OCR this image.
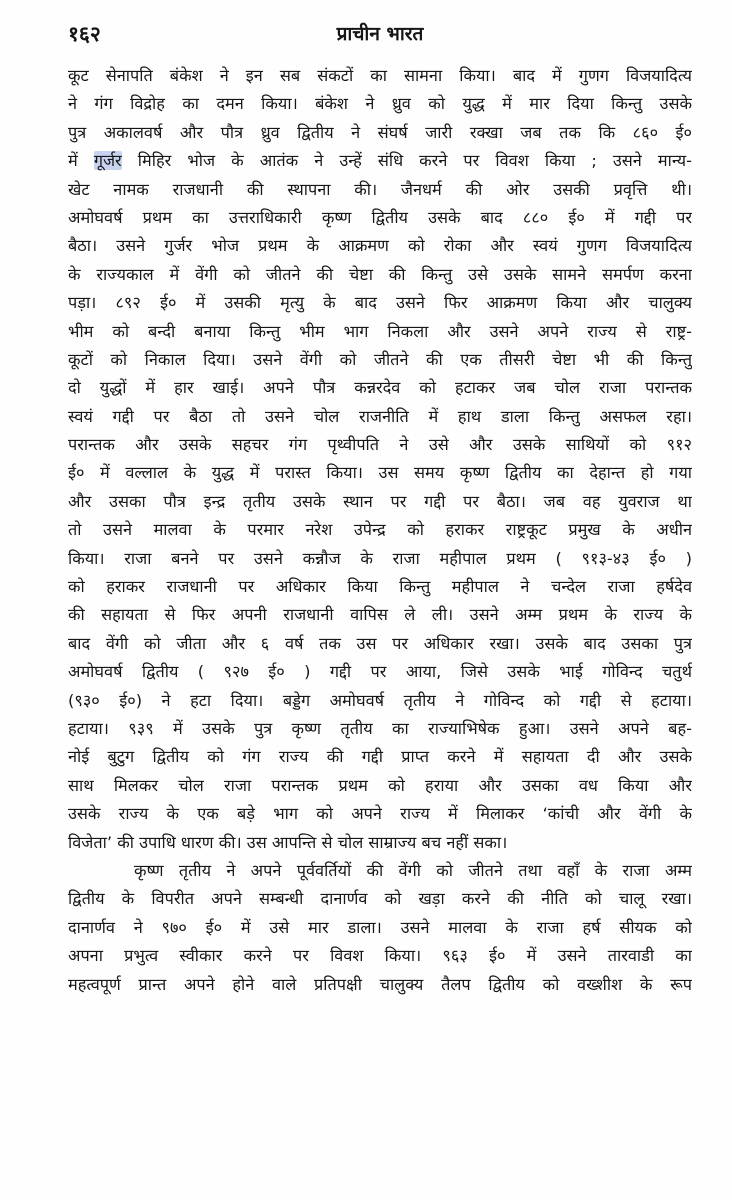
१६२	प्राचीन भारत
कूट सेनापति बंकेश ने इन सब संकटों का सामना किया। बाद में गुणग विजयादित्य
ने गंग विद्रोह का दमन किया। बंकेश ने ध्रुव को युद्ध में मार दिया किन्तु उसके
पुत्र अकालवर्ष और पौत्र ध्रुव द्वितीय ने संघर्ष जारी रक्खा जब तक कि ८६० ई०
में गूर्जर मिहिर भोज के आतंक ने उन्हें संधि करने पर विवश किया ; उसने मान्य-
खेट नामक राजधानी की स्थापना की। जैनधर्म की ओर उसकी प्रवृत्ति थी।
अमोघवर्ष प्रथम का उत्तराधिकारी कृष्ण द्वितीय उसके बाद ८८० ई० में गद्दी पर
बैठा। उसने गुर्जर भोज प्रथम के आक्रमण को रोका और स्वयं गुणग विजयादित्य
के राज्यकाल में वेंगी को जीतने की चेष्टा की किन्तु उसे उसके सामने समर्पण करना
पड़ा। ८९२ ई० में उसकी मृत्यु के बाद उसने फिर आक्रमण किया और चालुक्य
भीम को बन्दी बनाया किन्तु भीम भाग निकला और उसने अपने राज्य से राष्ट्र-
कूटों को निकाल दिया। उसने वेंगी को जीतने की एक तीसरी चेष्टा भी की किन्तु
दो युद्धों में हार खाई। अपने पौत्र कन्नरदेव को हटाकर जब चोल राजा परान्तक
स्वयं गद्दी पर बैठा तो उसने चोल राजनीति में हाथ डाला किन्तु असफल रहा।
परान्तक और उसके सहचर गंग पृथ्वीपति ने उसे और उसके साथियों को ९१२
ई० में वल्लाल के युद्ध में परास्त किया। उस समय कृष्ण द्वितीय का देहान्त हो गया
और उसका पौत्र इन्द्र तृतीय उसके स्थान पर गद्दी पर बैठा। जब वह युवराज था
तो उसने मालवा के परमार नरेश उपेन्द्र को हराकर राष्ट्रकूट प्रमुख के अधीन
किया। राजा बनने पर उसने कन्नौज के राजा महीपाल प्रथम ( ९१३-४३ ई० )
को हराकर राजधानी पर अधिकार किया किन्तु महीपाल ने चन्देल राजा हर्षदेव
की सहायता से फिर अपनी राजधानी वापिस ले ली। उसने अम्म प्रथम के राज्य के
बाद वेंगी को जीता और ६ वर्ष तक उस पर अधिकार रखा। उसके बाद उसका पुत्र
अमोघवर्ष द्वितीय ( ९२७ ई० ) गद्दी पर आया, जिसे उसके भाई गोविन्द चतुर्थ
(९३० ई०) ने हटा दिया। बड्डेग अमोघवर्ष तृतीय ने गोविन्द को गद्दी से हटाया।
हटाया। ९३९ में उसके पुत्र कृष्ण तृतीय का राज्याभिषेक हुआ। उसने अपने बह-
नोई बुटुग द्वितीय को गंग राज्य की गद्दी प्राप्त करने में सहायता दी और उसके
साथ मिलकर चोल राजा परान्तक प्रथम को हराया और उसका वध किया और
उसके राज्य के एक बड़े भाग को अपने राज्य में मिलाकर ‘कांची और वेंगी के
विजेता’ की उपाधि धारण की। उस आपन्ति से चोल साम्राज्य बच नहीं सका।
कृष्ण तृतीय ने अपने पूर्ववर्तियों की वेंगी को जीतने तथा वहाँ के राजा अम्म
द्वितीय के विपरीत अपने सम्बन्धी दानार्णव को खड़ा करने की नीति को चालू रखा।
दानार्णव ने ९७० ई० में उसे मार डाला। उसने मालवा के राजा हर्ष सीयक को
अपना प्रभुत्व स्वीकार करने पर विवश किया। ९६३ ई० में उसने तारवाडी का
महत्वपूर्ण प्रान्त अपने होने वाले प्रतिपक्षी चालुक्य तैलप द्वितीय को वख्शीश के रूप
